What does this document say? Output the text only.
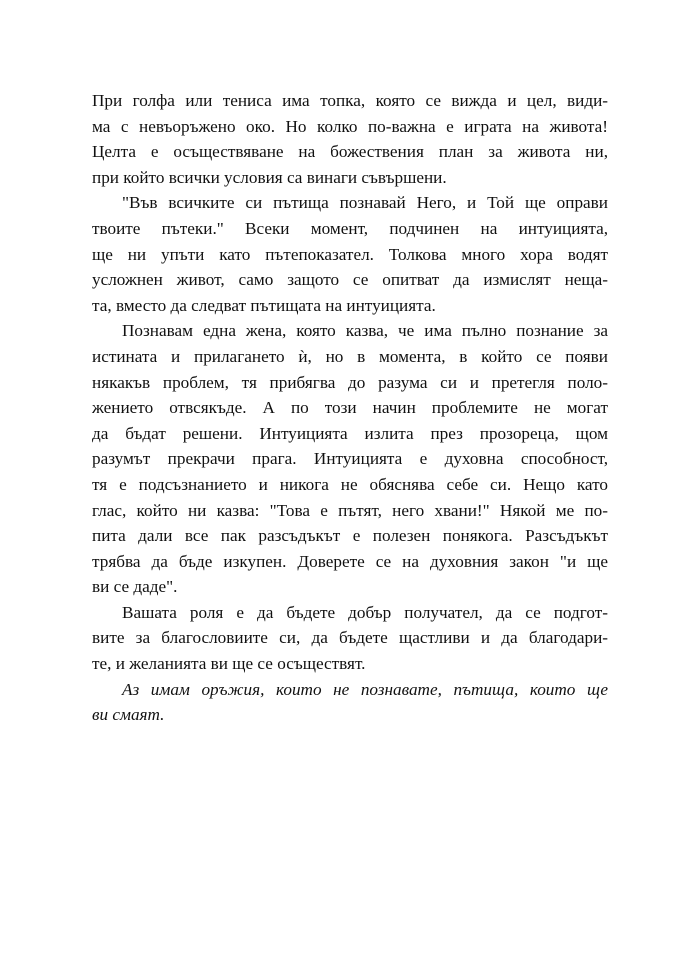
При голфа или тениса има топка, която се вижда и цел, види-
ма с невъоръжено око. Но колко по-важна е играта на живота!
Целта е осъществяване на божествения план за живота ни,
при който всички условия са винаги съвършени.
"Във всичките си пътища познавай Него, и Той ще оправи
твоите пътеки." Всеки момент, подчинен на интуицията,
ще ни упъти като пътепоказател. Толкова много хора водят
усложнен живот, само защото се опитват да измислят неща-
та, вместо да следват пътищата на интуицията.
Познавам една жена, която казва, че има пълно познание за
истината и прилагането ѝ, но в момента, в който се появи
някакъв проблем, тя прибягва до разума си и претегля поло-
жението отвсякъде. А по този начин проблемите не могат
да бъдат решени. Интуицията излита през прозореца, щом
разумът прекрачи прага. Интуицията е духовна способност,
тя е подсъзнанието и никога не обяснява себе си. Нещо като
глас, който ни казва: "Това е пътят, него хвани!" Някой ме по-
пита дали все пак разсъдъкът е полезен понякога. Разсъдъкът
трябва да бъде изкупен. Доверете се на духовния закон "и ще
ви се даде".
Вашата роля е да бъдете добър получател, да се подгот-
вите за благословиите си, да бъдете щастливи и да благодари-
те, и желанията ви ще се осъществят.
Аз имам оръжия, които не познавате, пътища, които ще
ви смаят.
